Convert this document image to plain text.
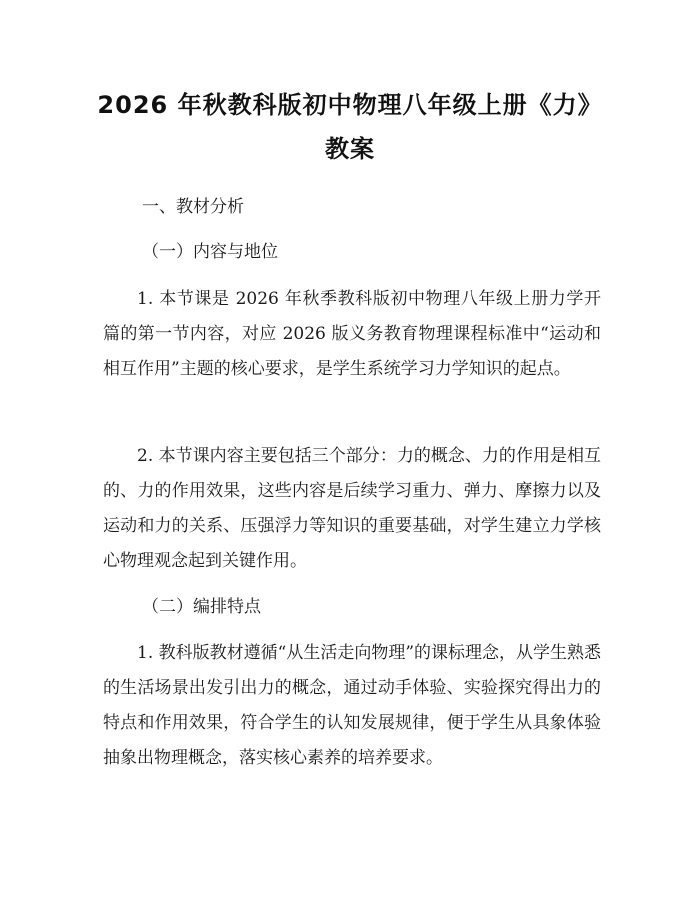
2026 年秋教科版初中物理八年级上册《力》
教案
一、教材分析
（一）内容与地位

1. 本节课是 2026 年秋季教科版初中物理八年级上册力学开篇的第一节内容，对应 2026 版义务教育物理课程标准中“运动和相互作用”主题的核心要求，是学生系统学习力学知识的起点。

2. 本节课内容主要包括三个部分：力的概念、力的作用是相互的、力的作用效果，这些内容是后续学习重力、弹力、摩擦力以及运动和力的关系、压强浮力等知识的重要基础，对学生建立力学核心物理观念起到关键作用。

（二）编排特点

1. 教科版教材遵循“从生活走向物理”的课标理念，从学生熟悉的生活场景出发引出力的概念，通过动手体验、实验探究得出力的特点和作用效果，符合学生的认知发展规律，便于学生从具象体验抽象出物理概念，落实核心素养的培养要求。
